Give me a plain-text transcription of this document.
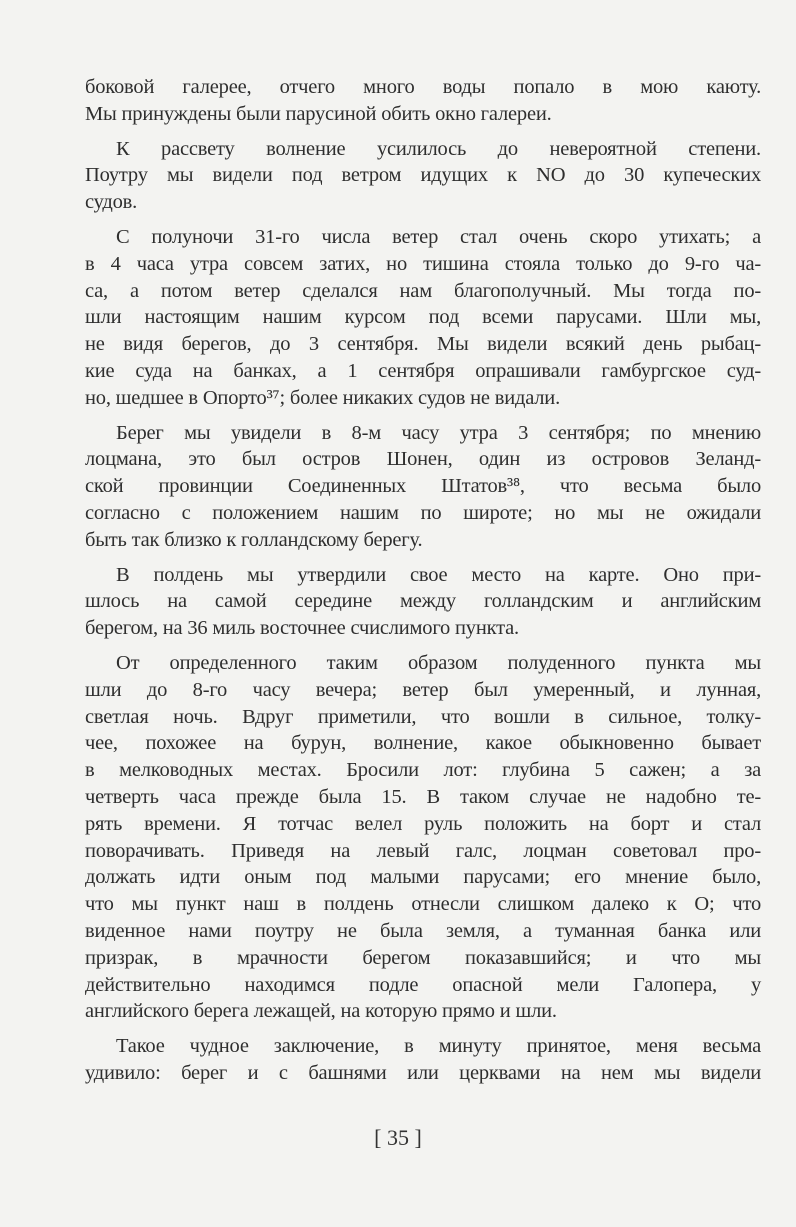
боковой галерее, отчего много воды попало в мою каюту.
Мы принуждены были парусиной обить окно галереи.
К рассвету волнение усилилось до невероятной степени.
Поутру мы видели под ветром идущих к NO до 30 купеческих
судов.
С полуночи 31-го числа ветер стал очень скоро утихать; а
в 4 часа утра совсем затих, но тишина стояла только до 9-го ча-
са, а потом ветер сделался нам благополучный. Мы тогда по-
шли настоящим нашим курсом под всеми парусами. Шли мы,
не видя берегов, до 3 сентября. Мы видели всякий день рыбац-
кие суда на банках, а 1 сентября опрашивали гамбургское суд-
но, шедшее в Опорто³⁷; более никаких судов не видали.
Берег мы увидели в 8-м часу утра 3 сентября; по мнению
лоцмана, это был остров Шонен, один из островов Зеланд-
ской провинции Соединенных Штатов³⁸, что весьма было
согласно с положением нашим по широте; но мы не ожидали
быть так близко к голландскому берегу.
В полдень мы утвердили свое место на карте. Оно при-
шлось на самой середине между голландским и английским
берегом, на 36 миль восточнее счислимого пункта.
От определенного таким образом полуденного пункта мы
шли до 8-го часу вечера; ветер был умеренный, и лунная,
светлая ночь. Вдруг приметили, что вошли в сильное, толку-
чее, похожее на бурун, волнение, какое обыкновенно бывает
в мелководных местах. Бросили лот: глубина 5 сажен; а за
четверть часа прежде была 15. В таком случае не надобно те-
рять времени. Я тотчас велел руль положить на борт и стал
поворачивать. Приведя на левый галс, лоцман советовал про-
должать идти оным под малыми парусами; его мнение было,
что мы пункт наш в полдень отнесли слишком далеко к О; что
виденное нами поутру не была земля, а туманная банка или
призрак, в мрачности берегом показавшийся; и что мы
действительно находимся подле опасной мели Галопера, у
английского берега лежащей, на которую прямо и шли.
Такое чудное заключение, в минуту принятое, меня весьма
удивило: берег и с башнями или церквами на нем мы видели
[ 35 ]
